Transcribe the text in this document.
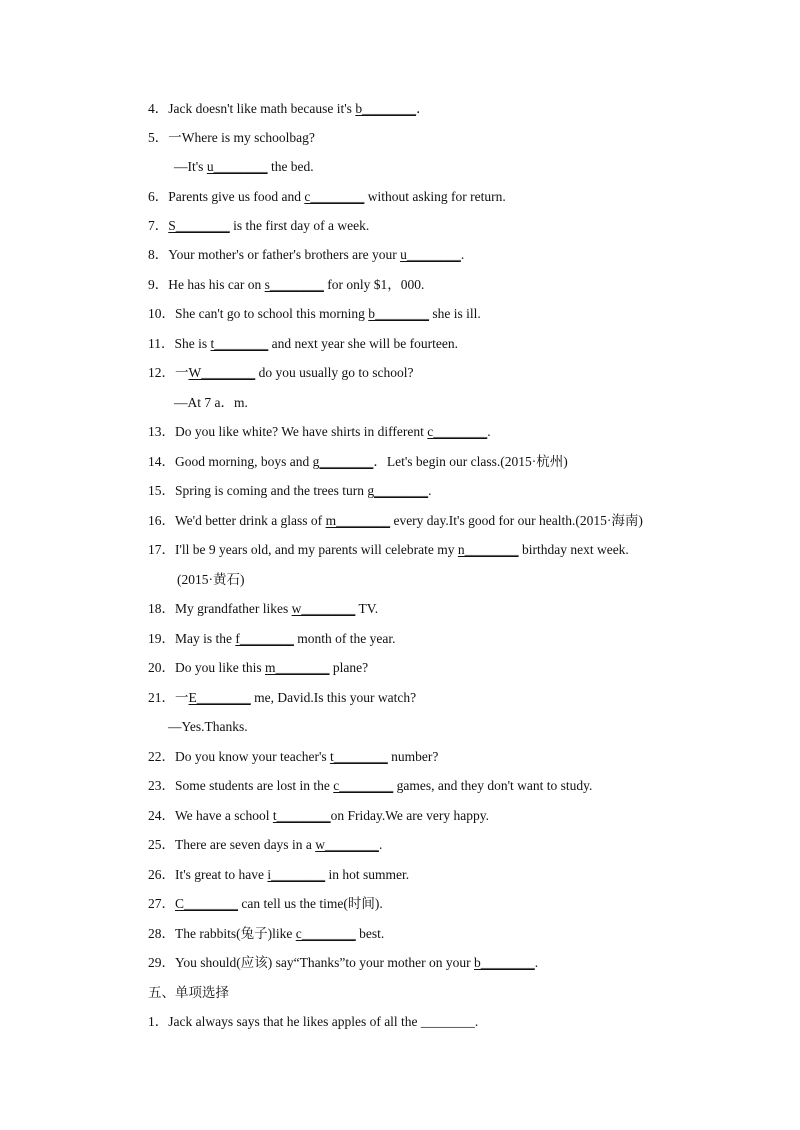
4．Jack doesn't like math because it's b________．
5．一Where is my schoolbag?
—It's u________ the bed.
6．Parents give us food and c________ without asking for return.
7．S________ is the first day of a week.
8．Your mother's or father's brothers are your u________.
9．He has his car on s________ for only $1，000.
10．She can't go to school this morning b________ she is ill.
11．She is t________ and next year she will be fourteen.
12．一W________ do you usually go to school?
—At 7 a．m.
13．Do you like white? We have shirts in different c________.
14．Good morning, boys and g________．Let's begin our class.(2015·杭州)
15．Spring is coming and the trees turn g________.
16．We'd better drink a glass of m________ every day.It's good for our health.(2015·海南)
17．I'll be 9 years old, and my parents will celebrate my n________ birthday next week.
(2015·黄石)
18．My grandfather likes w________ TV.
19．May is the f________ month of the year.
20．Do you like this m________ plane?
21．一E________ me, David.Is this your watch?
—Yes.Thanks.
22．Do you know your teacher's t________ number?
23．Some students are lost in the c________ games, and they don't want to study.
24．We have a school t________on Friday.We are very happy.
25．There are seven days in a w________.
26．It's great to have i________ in hot summer.
27．C________ can tell us the time(时间).
28．The rabbits(兔子)like c________ best.
29．You should(应该) say“Thanks”to your mother on your b________.
五、单项选择
1．Jack always says that he likes apples of all the ________.
